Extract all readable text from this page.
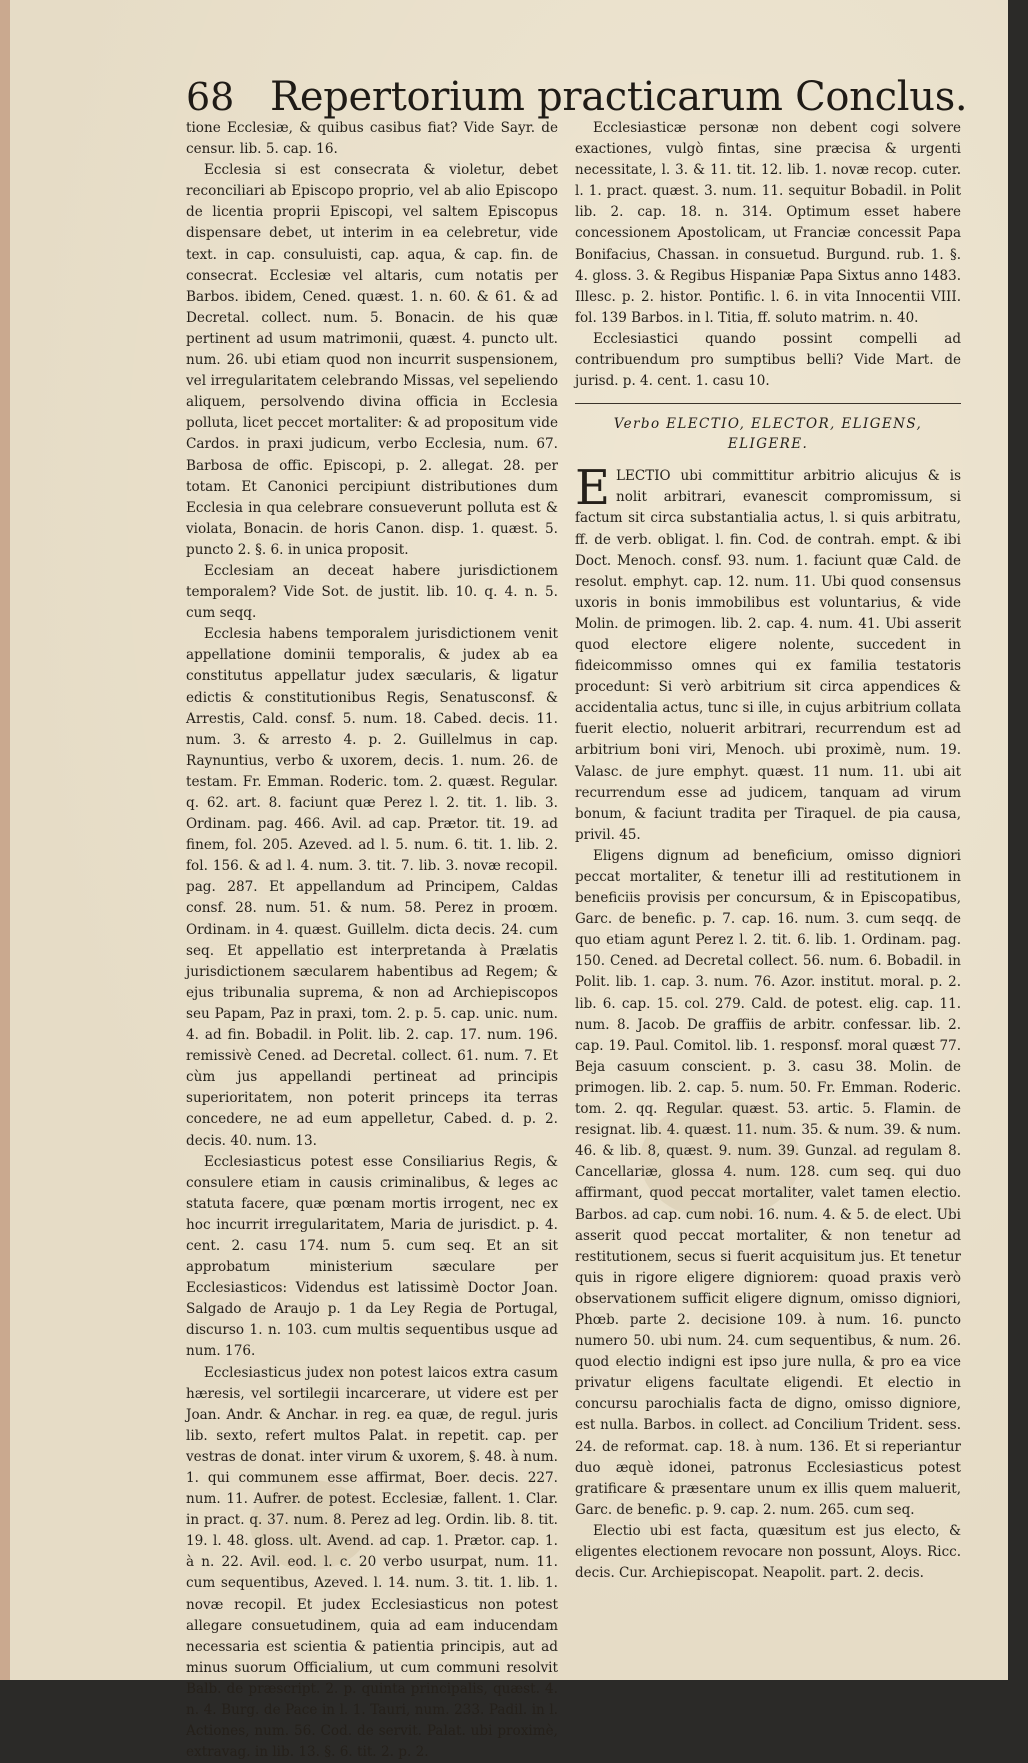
68 Repertorium practicarum Conclus.

tione Ecclesiæ, & quibus casibus fiat? Vide Sayr. de censur. lib. 5. cap. 16.

Ecclesia si est consecrata & violetur, debet reconciliari ab Episcopo proprio, vel ab alio Episcopo de licentia proprii Episcopi, vel saltem Episcopus dispensare debet, ut interim in ea celebretur, vide text. in cap. consuluisti, cap. aqua, & cap. fin. de consecrat. Ecclesiæ vel altaris, cum notatis per Barbos. ibidem, Cened. quæst. 1. n. 60. & 61. & ad Decretal. collect. num. 5. Bonacin. de his quæ pertinent ad usum matrimonii, quæst. 4. puncto ult. num. 26. ubi etiam quod non incurrit suspensionem, vel irregularitatem celebrando Missas, vel sepeliendo aliquem, persolvendo divina officia in Ecclesia polluta, licet peccet mortaliter: & ad propositum vide Cardos. in praxi judicum, verbo Ecclesia, num. 67. Barbosa de offic. Episcopi, p. 2. allegat. 28. per totam. Et Canonici percipiunt distributiones dum Ecclesia in qua celebrare consueverunt polluta est & violata, Bonacin. de horis Canon. disp. 1. quæst. 5. puncto 2. §. 6. in unica proposit.

Ecclesiam an deceat habere jurisdictionem temporalem? Vide Sot. de justit. lib. 10. q. 4. n. 5. cum seqq.

Ecclesia habens temporalem jurisdictionem venit appellatione dominii temporalis, & judex ab ea constitutus appellatur judex sæcularis, & ligatur edictis & constitutionibus Regis, Senatusconsf. & Arrestis, Cald. consf. 5. num. 18. Cabed. decis. 11. num. 3. & arresto 4. p. 2. Guillelmus in cap. Raynuntius, verbo & uxorem, decis. 1. num. 26. de testam. Fr. Emman. Roderic. tom. 2. quæst. Regular. q. 62. art. 8. faciunt quæ Perez l. 2. tit. 1. lib. 3. Ordinam. pag. 466. Avil. ad cap. Prætor. tit. 19. ad finem, fol. 205. Azeved. ad l. 5. num. 6. tit. 1. lib. 2. fol. 156. & ad l. 4. num. 3. tit. 7. lib. 3. novæ recopil. pag. 287. Et appellandum ad Principem, Caldas consf. 28. num. 51. & num. 58. Perez in proœm. Ordinam. in 4. quæst. Guillelm. dicta decis. 24. cum seq. Et appellatio est interpretanda à Prælatis jurisdictionem sæcularem habentibus ad Regem; & ejus tribunalia suprema, & non ad Archiepiscopos seu Papam, Paz in praxi, tom. 2. p. 5. cap. unic. num. 4. ad fin. Bobadil. in Polit. lib. 2. cap. 17. num. 196. remissivè Cened. ad Decretal. collect. 61. num. 7. Et cùm jus appellandi pertineat ad principis superioritatem, non poterit princeps ita terras concedere, ne ad eum appelletur, Cabed. d. p. 2. decis. 40. num. 13.

Ecclesiasticus potest esse Consiliarius Regis, & consulere etiam in causis criminalibus, & leges ac statuta facere, quæ pœnam mortis irrogent, nec ex hoc incurrit irregularitatem, Maria de jurisdict. p. 4. cent. 2. casu 174. num 5. cum seq. Et an sit approbatum ministerium sæculare per Ecclesiasticos: Videndus est latissimè Doctor Joan. Salgado de Araujo p. 1 da Ley Regia de Portugal, discurso 1. n. 103. cum multis sequentibus usque ad num. 176.

Ecclesiasticus judex non potest laicos extra casum hæresis, vel sortilegii incarcerare, ut videre est per Joan. Andr. & Anchar. in reg. ea quæ, de regul. juris lib. sexto, refert multos Palat. in repetit. cap. per vestras de donat. inter virum & uxorem, §. 48. à num. 1. qui communem esse affirmat, Boer. decis. 227. num. 11. Aufrer. de potest. Ecclesiæ, fallent. 1. Clar. in pract. q. 37. num. 8. Perez ad leg. Ordin. lib. 8. tit. 19. l. 48. gloss. ult. Avend. ad cap. 1. Prætor. cap. 1. à n. 22. Avil. eod. l. c. 20 verbo usurpat, num. 11. cum sequentibus, Azeved. l. 14. num. 3. tit. 1. lib. 1. novæ recopil. Et judex Ecclesiasticus non potest allegare consuetudinem, quia ad eam inducendam necessaria est scientia & patientia principis, aut ad minus suorum Officialium, ut cum communi resolvit Balb. de præscript. 2. p. quinta principalis, quæst. 4. n. 4. Burg. de Pace in l. 1. Tauri, num. 233. Padil. in l. Actiones, num. 56. Cod. de servit. Palat. ubi proximè, extravag. in lib. 13. §. 6. tit. 2. p. 2.

Ecclesiasticæ personæ non debent cogi solvere exactiones, vulgò fintas, sine præcisa & urgenti necessitate, l. 3. & 11. tit. 12. lib. 1. novæ recop. cuter. l. 1. pract. quæst. 3. num. 11. sequitur Bobadil. in Polit lib. 2. cap. 18. n. 314. Optimum esset habere concessionem Apostolicam, ut Franciæ concessit Papa Bonifacius, Chassan. in consuetud. Burgund. rub. 1. §. 4. gloss. 3. & Regibus Hispaniæ Papa Sixtus anno 1483. Illesc. p. 2. histor. Pontific. l. 6. in vita Innocentii VIII. fol. 139 Barbos. in l. Titia, ff. soluto matrim. n. 40.

Ecclesiastici quando possint compelli ad contribuendum pro sumptibus belli? Vide Mart. de jurisd. p. 4. cent. 1. casu 10.

Verbo ELECTIO, ELECTOR, ELIGENS, ELIGERE.

ELECTIO ubi committitur arbitrio alicujus & is nolit arbitrari, evanescit compromissum, si factum sit circa substantialia actus, l. si quis arbitratu, ff. de verb. obligat. l. fin. Cod. de contrah. empt. & ibi Doct. Menoch. consf. 93. num. 1. faciunt quæ Cald. de resolut. emphyt. cap. 12. num. 11. Ubi quod consensus uxoris in bonis immobilibus est voluntarius, & vide Molin. de primogen. lib. 2. cap. 4. num. 41. Ubi asserit quod electore eligere nolente, succedent in fideicommisso omnes qui ex familia testatoris procedunt: Si verò arbitrium sit circa appendices & accidentalia actus, tunc si ille, in cujus arbitrium collata fuerit electio, noluerit arbitrari, recurrendum est ad arbitrium boni viri, Menoch. ubi proximè, num. 19. Valasc. de jure emphyt. quæst. 11 num. 11. ubi ait recurrendum esse ad judicem, tanquam ad virum bonum, & faciunt tradita per Tiraquel. de pia causa, privil. 45.

Eligens dignum ad beneficium, omisso digniori peccat mortaliter, & tenetur illi ad restitutionem in beneficiis provisis per concursum, & in Episcopatibus, Garc. de benefic. p. 7. cap. 16. num. 3. cum seqq. de quo etiam agunt Perez l. 2. tit. 6. lib. 1. Ordinam. pag. 150. Cened. ad Decretal collect. 56. num. 6. Bobadil. in Polit. lib. 1. cap. 3. num. 76. Azor. institut. moral. p. 2. lib. 6. cap. 15. col. 279. Cald. de potest. elig. cap. 11. num. 8. Jacob. De graffiis de arbitr. confessar. lib. 2. cap. 19. Paul. Comitol. lib. 1. responsf. moral quæst 77. Beja casuum conscient. p. 3. casu 38. Molin. de primogen. lib. 2. cap. 5. num. 50. Fr. Emman. Roderic. tom. 2. qq. Regular. quæst. 53. artic. 5. Flamin. de resignat. lib. 4. quæst. 11. num. 35. & num. 39. & num. 46. & lib. 8, quæst. 9. num. 39. Gunzal. ad regulam 8. Cancellariæ, glossa 4. num. 128. cum seq. qui duo affirmant, quod peccat mortaliter, valet tamen electio. Barbos. ad cap. cum nobi. 16. num. 4. & 5. de elect. Ubi asserit quod peccat mortaliter, & non tenetur ad restitutionem, secus si fuerit acquisitum jus. Et tenetur quis in rigore eligere digniorem: quoad praxis verò observationem sufficit eligere dignum, omisso digniori, Phœb. parte 2. decisione 109. à num. 16. puncto numero 50. ubi num. 24. cum sequentibus, & num. 26. quod electio indigni est ipso jure nulla, & pro ea vice privatur eligens facultate eligendi. Et electio in concursu parochialis facta de digno, omisso digniore, est nulla. Barbos. in collect. ad Concilium Trident. sess. 24. de reformat. cap. 18. à num. 136. Et si reperiantur duo æquè idonei, patronus Ecclesiasticus potest gratificare & præsentare unum ex illis quem maluerit, Garc. de benefic. p. 9. cap. 2. num. 265. cum seq.

Electio ubi est facta, quæsitum est jus electo, & eligentes electionem revocare non possunt, Aloys. Ricc. decis. Cur. Archiepiscopat. Neapolit. part. 2. decis.
